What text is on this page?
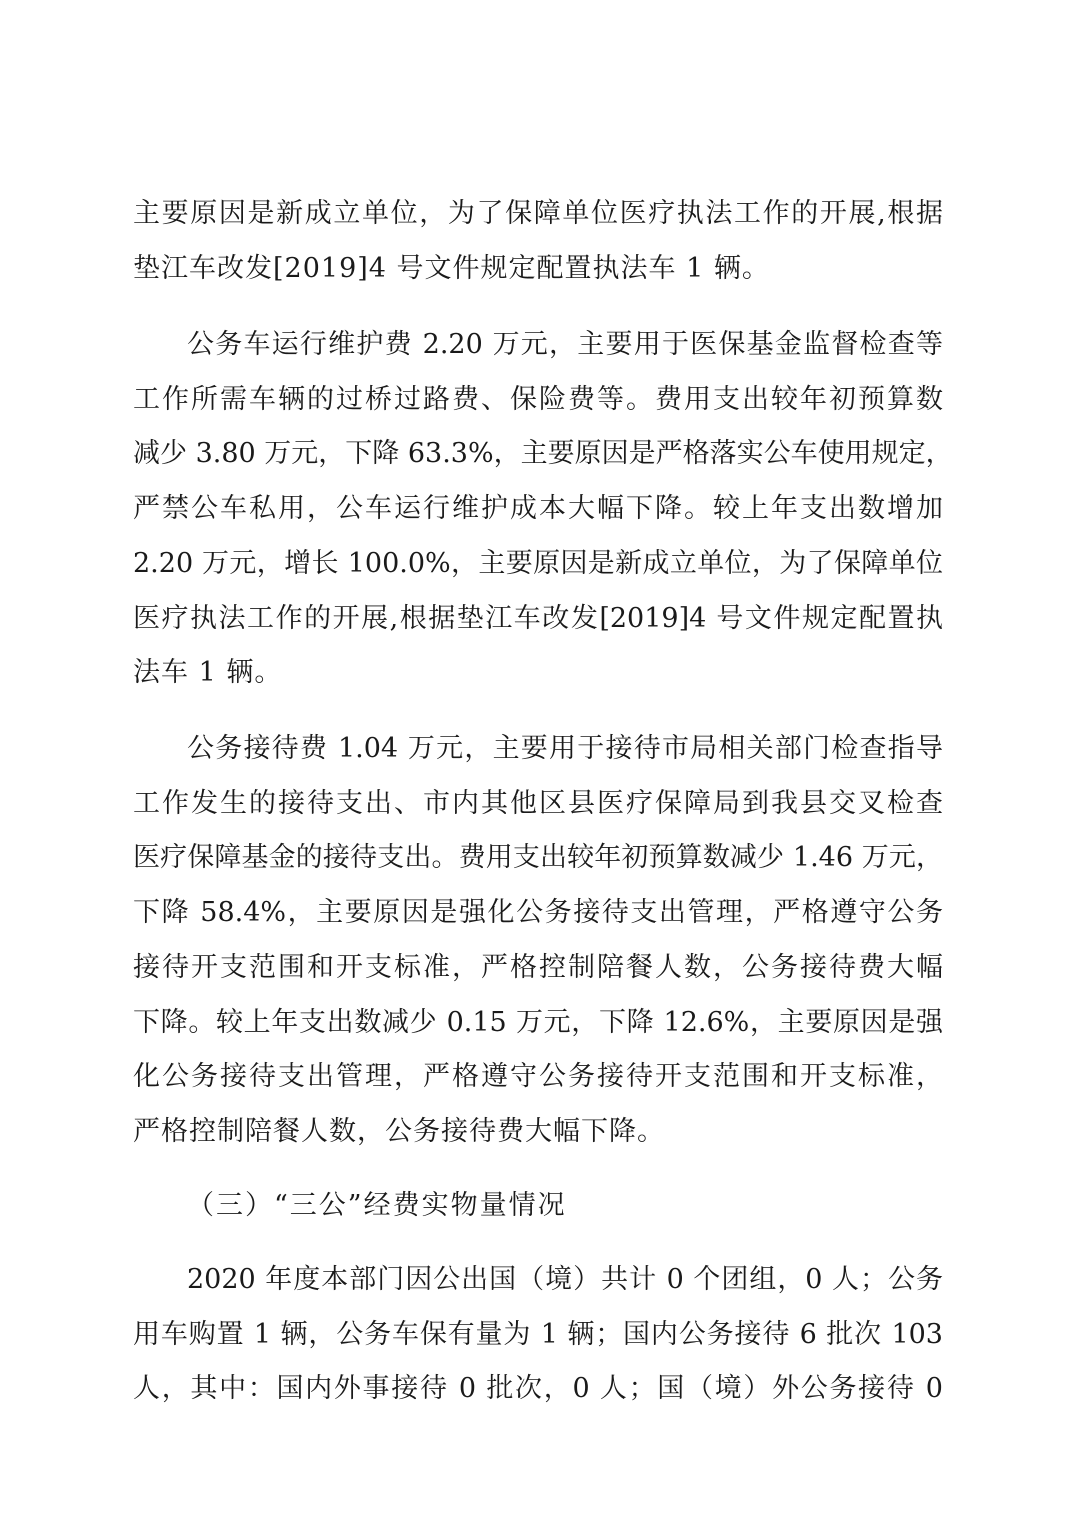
主要原因是新成立单位，为了保障单位医疗执法工作的开展,根据
垫江车改发[2019]4 号文件规定配置执法车 1 辆。
公务车运行维护费 2.20 万元，主要用于医保基金监督检查等
工作所需车辆的过桥过路费、保险费等。费用支出较年初预算数
减少 3.80 万元，下降 63.3%，主要原因是严格落实公车使用规定，
严禁公车私用，公车运行维护成本大幅下降。较上年支出数增加
2.20 万元，增长 100.0%，主要原因是新成立单位，为了保障单位
医疗执法工作的开展,根据垫江车改发[2019]4 号文件规定配置执
法车 1 辆。
公务接待费 1.04 万元，主要用于接待市局相关部门检查指导
工作发生的接待支出、市内其他区县医疗保障局到我县交叉检查
医疗保障基金的接待支出。费用支出较年初预算数减少 1.46 万元，
下降 58.4%，主要原因是强化公务接待支出管理，严格遵守公务
接待开支范围和开支标准，严格控制陪餐人数，公务接待费大幅
下降。较上年支出数减少 0.15 万元，下降 12.6%，主要原因是强
化公务接待支出管理，严格遵守公务接待开支范围和开支标准，
严格控制陪餐人数，公务接待费大幅下降。
（三）“三公”经费实物量情况
2020 年度本部门因公出国（境）共计 0 个团组，0 人；公务
用车购置 1 辆，公务车保有量为 1 辆；国内公务接待 6 批次 103
人，其中：国内外事接待 0 批次，0 人；国（境）外公务接待 0
